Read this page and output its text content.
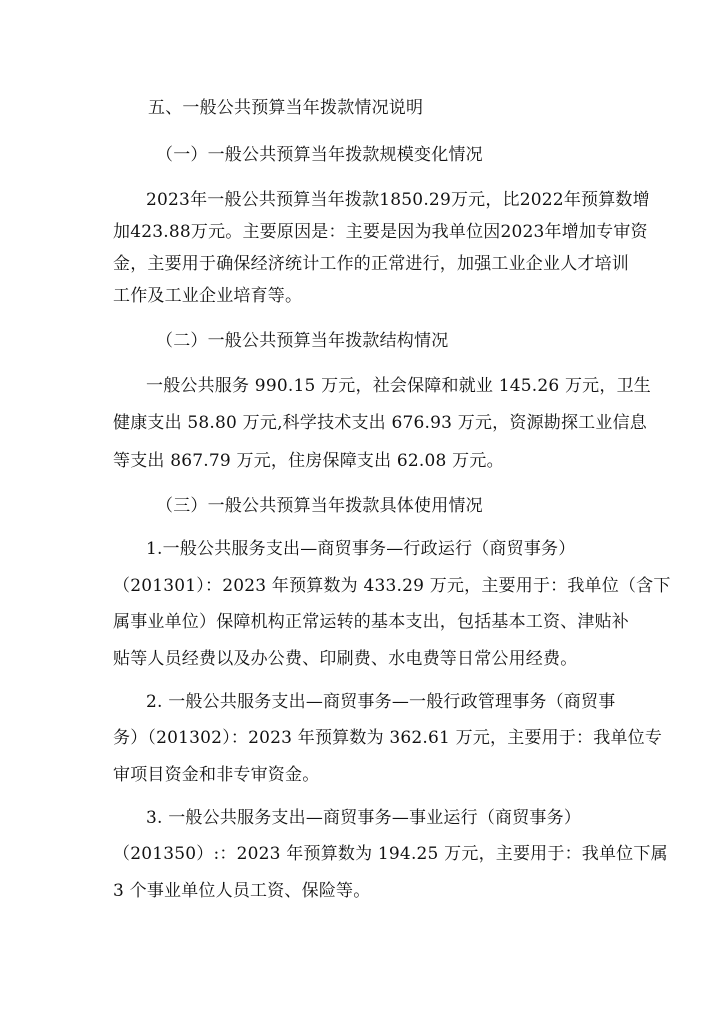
五、一般公共预算当年拨款情况说明
（一）一般公共预算当年拨款规模变化情况
2023年一般公共预算当年拨款1850.29万元，比2022年预算数增
加423.88万元。主要原因是：主要是因为我单位因2023年增加专审资
金，主要用于确保经济统计工作的正常进行，加强工业企业人才培训
工作及工业企业培育等。
（二）一般公共预算当年拨款结构情况
一般公共服务 990.15 万元，社会保障和就业 145.26 万元，卫生
健康支出 58.80 万元,科学技术支出 676.93 万元，资源勘探工业信息
等支出 867.79 万元，住房保障支出 62.08 万元。
（三）一般公共预算当年拨款具体使用情况
1.一般公共服务支出—商贸事务—行政运行（商贸事务）
（201301）：2023 年预算数为 433.29 万元，主要用于：我单位（含下
属事业单位）保障机构正常运转的基本支出，包括基本工资、津贴补
贴等人员经费以及办公费、印刷费、水电费等日常公用经费。
2. 一般公共服务支出—商贸事务—一般行政管理事务（商贸事
务）（201302）：2023 年预算数为 362.61 万元，主要用于：我单位专
审项目资金和非专审资金。
3. 一般公共服务支出—商贸事务—事业运行（商贸事务）
（201350）:：2023 年预算数为 194.25 万元，主要用于：我单位下属
3 个事业单位人员工资、保险等。
